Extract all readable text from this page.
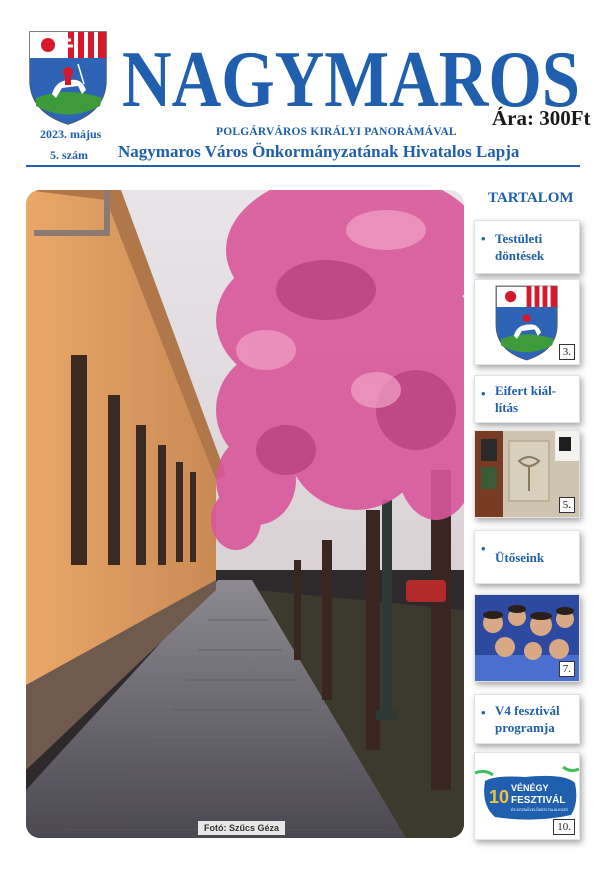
NAGYMAROS
Ára: 300Ft
2023. május
5. szám
POLGÁRVÁROS KIRÁLYI PANORÁMÁVAL
Nagymaros Város Önkormányzatának Hivatalos Lapja
Fotó: Szűcs Géza
TARTALOM
• Testületi
döntések
3.
• Eifert kiál-
lítás
5.
•
Ütőseink
7.
• V4 fesztivál
programja
10 VÉNÉGY
FESZTIVÁL
ÉS KÖZMŰVELŐDÉSI TALÁLKOZÓ
10.
